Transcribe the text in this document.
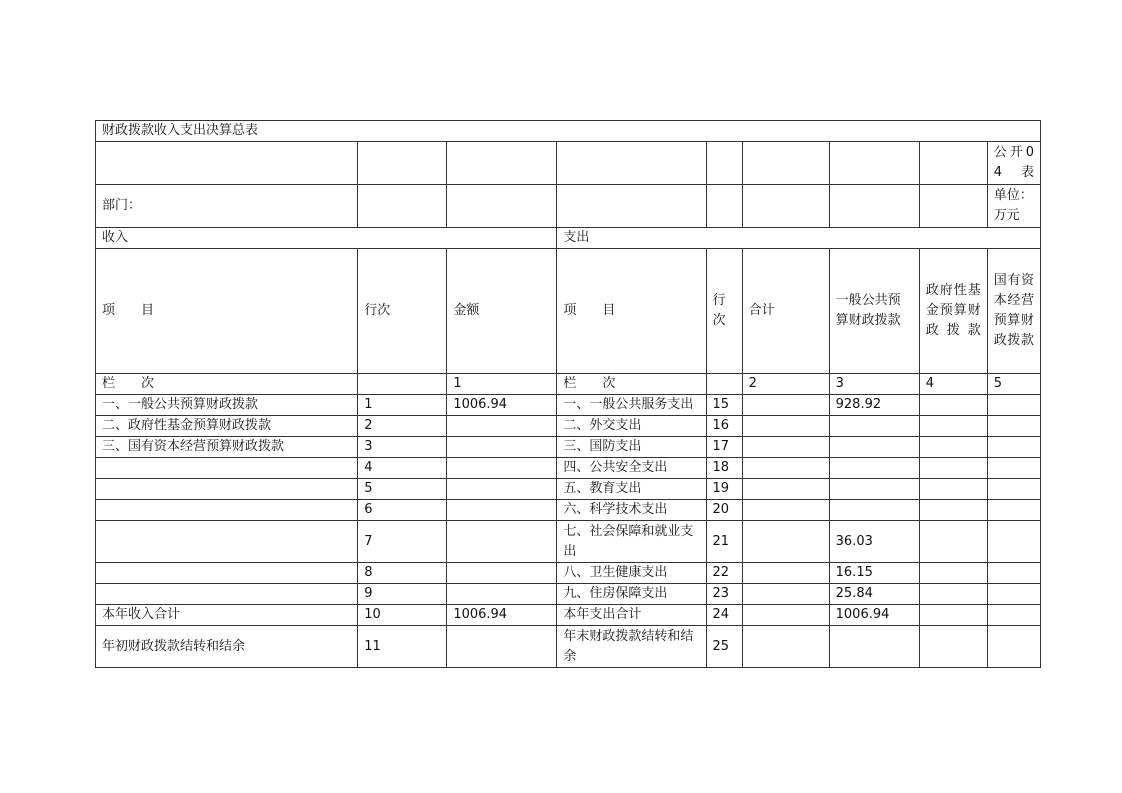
财政拨款收入支出决算总表								
								公开04表
部门：								单位：万元
收入			支出					
项　　目	行次	金额	项　　目	行次	合计	一般公共预算财政拨款	政府性基金预算财政拨款	国有资本经营预算财政拨款
栏　　次		1	栏　　次		2	3	4	5
一、一般公共预算财政拨款	1	1006.94	一、一般公共服务支出	15		928.92		
二、政府性基金预算财政拨款	2		二、外交支出	16				
三、国有资本经营预算财政拨款	3		三、国防支出	17				
	4		四、公共安全支出	18				
	5		五、教育支出	19				
	6		六、科学技术支出	20				
	7		七、社会保障和就业支出	21		36.03		
	8		八、卫生健康支出	22		16.15		
	9		九、住房保障支出	23		25.84		
本年收入合计	10	1006.94	本年支出合计	24		1006.94		
年初财政拨款结转和结余	11		年末财政拨款结转和结余	25				
